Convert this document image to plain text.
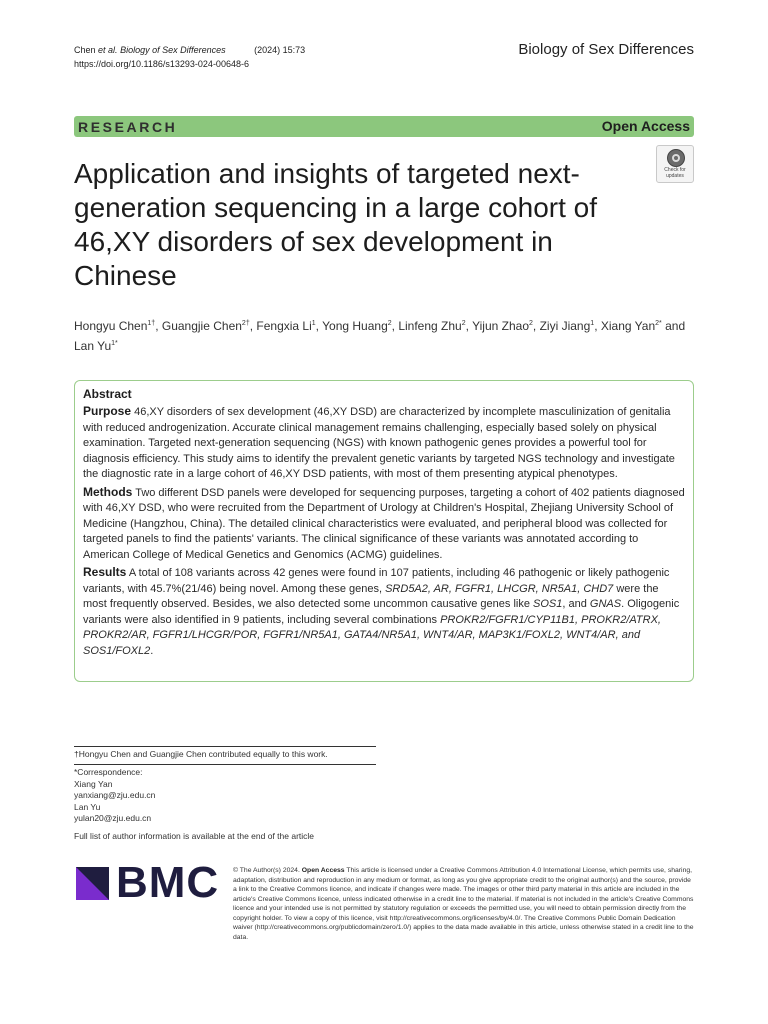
Chen et al. Biology of Sex Differences	(2024) 15:73
https://doi.org/10.1186/s13293-024-00648-6
Biology of Sex Differences
RESEARCH	Open Access
Check for
updates
Application and insights of targeted next-generation sequencing in a large cohort of 46,XY disorders of sex development in Chinese
Hongyu Chen$^{1\dagger}$, Guangjie Chen$^{2\dagger}$, Fengxia Li$^1$, Yong Huang$^2$, Linfeng Zhu$^2$, Yijun Zhao$^2$, Ziyi Jiang$^1$, Xiang Yan$^{2*}$ and Lan $Yu^{1*}$
Abstract

Purpose 46,XY disorders of sex development (46,XY DSD) are characterized by incomplete masculinization of genitalia with reduced androgenization. Accurate clinical management remains challenging, especially based solely on physical examination. Targeted next-generation sequencing (NGS) with known pathogenic genes provides a powerful tool for diagnosis efficiency. This study aims to identify the prevalent genetic variants by targeted NGS technology and investigate the diagnostic rate in a large cohort of 46,XY DSD patients, with most of them presenting atypical phenotypes.

Methods Two different DSD panels were developed for sequencing purposes, targeting a cohort of 402 patients diagnosed with 46,XY DSD, who were recruited from the Department of Urology at Children's Hospital, Zhejiang University School of Medicine (Hangzhou, China). The detailed clinical characteristics were evaluated, and peripheral blood was collected for targeted panels to find the patients' variants. The clinical significance of these variants was annotated according to American College of Medical Genetics and Genomics (ACMG) guidelines.

Results A total of 108 variants across 42 genes were found in 107 patients, including 46 pathogenic or likely pathogenic variants, with 45.7%(21/46) being novel. Among these genes, SRD5A2, AR, FGFR1, LHCGR, NR5A1, CHD7 were the most frequently observed. Besides, we also detected some uncommon causative genes like SOS1, and GNAS. Oligogenic variants were also identified in 9 patients, including several combinations PROKR2/FGFR1/CYP11B1, PROKR2/ATRX, PROKR2/AR, FGFR1/LHCGR/POR, FGFR1/NR5A1, GATA4/NR5A1, WNT4/AR, MAP3K1/FOXL2, WNT4/AR, and SOS1/FOXL2.

†Hongyu Chen and Guangjie Chen contributed equally to this work.
*Correspondence:
Xiang Yan
yanxiang@zju.edu.cn
Lan Yu
yulan20@zju.edu.cn
Full list of author information is available at the end of the article
BMC © The Author(s) 2024. Open Access This article is licensed under a Creative Commons Attribution 4.0 International License, which permits use, sharing, adaptation, distribution and reproduction in any medium or format, as long as you give appropriate credit to the original author(s) and the source, provide a link to the Creative Commons licence, and indicate if changes were made. The images or other third party material in this article are included in the article's Creative Commons licence, unless indicated otherwise in a credit line to the material. If material is not included in the article's Creative Commons licence and your intended use is not permitted by statutory regulation or exceeds the permitted use, you will need to obtain permission directly from the copyright holder. To view a copy of this licence, visit http://creativecommons.org/licenses/by/4.0/. The Creative Commons Public Domain Dedication waiver (http://creativecommons.org/publicdomain/zero/1.0/) applies to the data made available in this article, unless otherwise stated in a credit line to the data.
